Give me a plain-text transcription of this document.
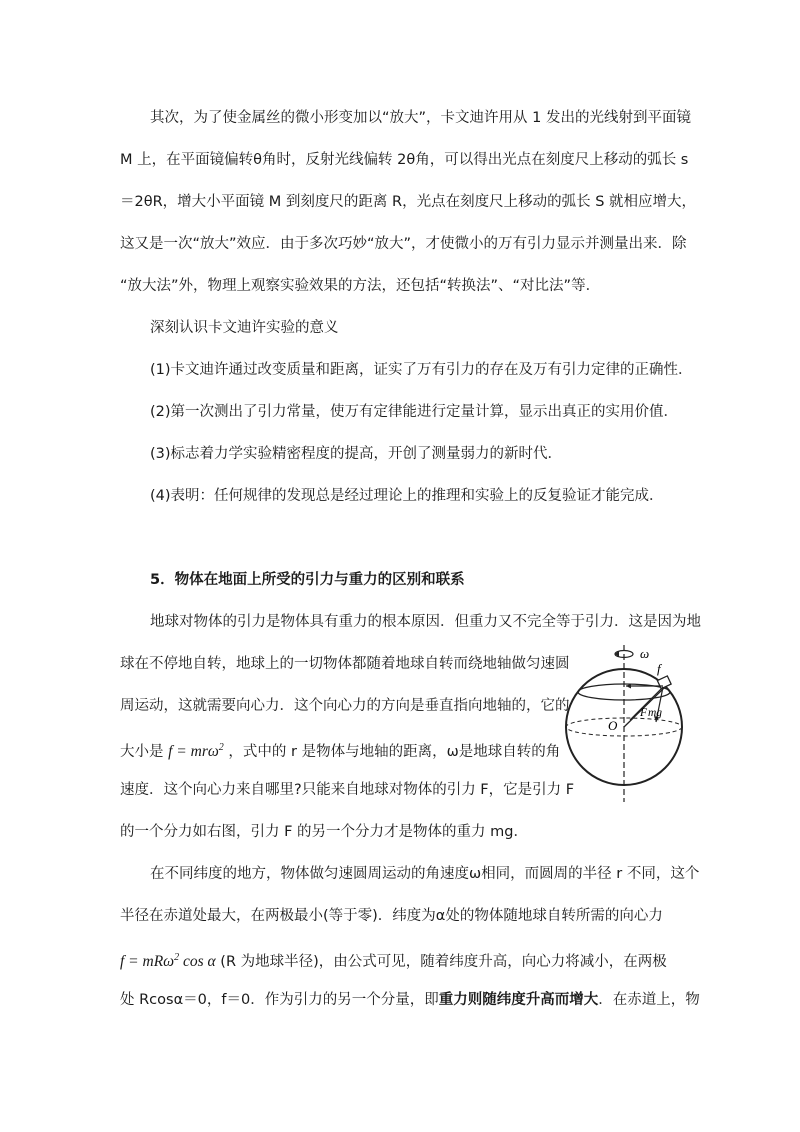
其次，为了使金属丝的微小形变加以“放大”，卡文迪许用从 1 发出的光线射到平面镜
M 上，在平面镜偏转θ角时，反射光线偏转 2θ角，可以得出光点在刻度尺上移动的弧长 s
＝2θR，增大小平面镜 M 到刻度尺的距离 R，光点在刻度尺上移动的弧长 S 就相应增大，
这又是一次“放大”效应．由于多次巧妙“放大”，才使微小的万有引力显示并测量出来．除
“放大法”外，物理上观察实验效果的方法，还包括“转换法”、“对比法”等．
深刻认识卡文迪许实验的意义
(1)卡文迪许通过改变质量和距离，证实了万有引力的存在及万有引力定律的正确性．
(2)第一次测出了引力常量，使万有定律能进行定量计算，显示出真正的实用价值．
(3)标志着力学实验精密程度的提高，开创了测量弱力的新时代．
(4)表明：任何规律的发现总是经过理论上的推理和实验上的反复验证才能完成．
5．物体在地面上所受的引力与重力的区别和联系
地球对物体的引力是物体具有重力的根本原因．但重力又不完全等于引力．这是因为地
球在不停地自转，地球上的一切物体都随着地球自转而绕地轴做匀速圆
周运动，这就需要向心力．这个向心力的方向是垂直指向地轴的，它的
大小是 f = mrω$^2$ ，式中的 r 是物体与地轴的距离，ω是地球自转的角
速度．这个向心力来自哪里?只能来自地球对物体的引力 F，它是引力 F
的一个分力如右图，引力 F 的另一个分力才是物体的重力 mg．
ω
f
O
F mg
在不同纬度的地方，物体做匀速圆周运动的角速度ω相同，而圆周的半径 r 不同，这个
半径在赤道处最大，在两极最小(等于零)．纬度为α处的物体随地球自转所需的向心力
f = mRω$^2$ cos α (R 为地球半径)，由公式可见，随着纬度升高，向心力将减小，在两极
处 Rcosα＝0，f＝0．作为引力的另一个分量，即重力则随纬度升高而增大．在赤道上，物
